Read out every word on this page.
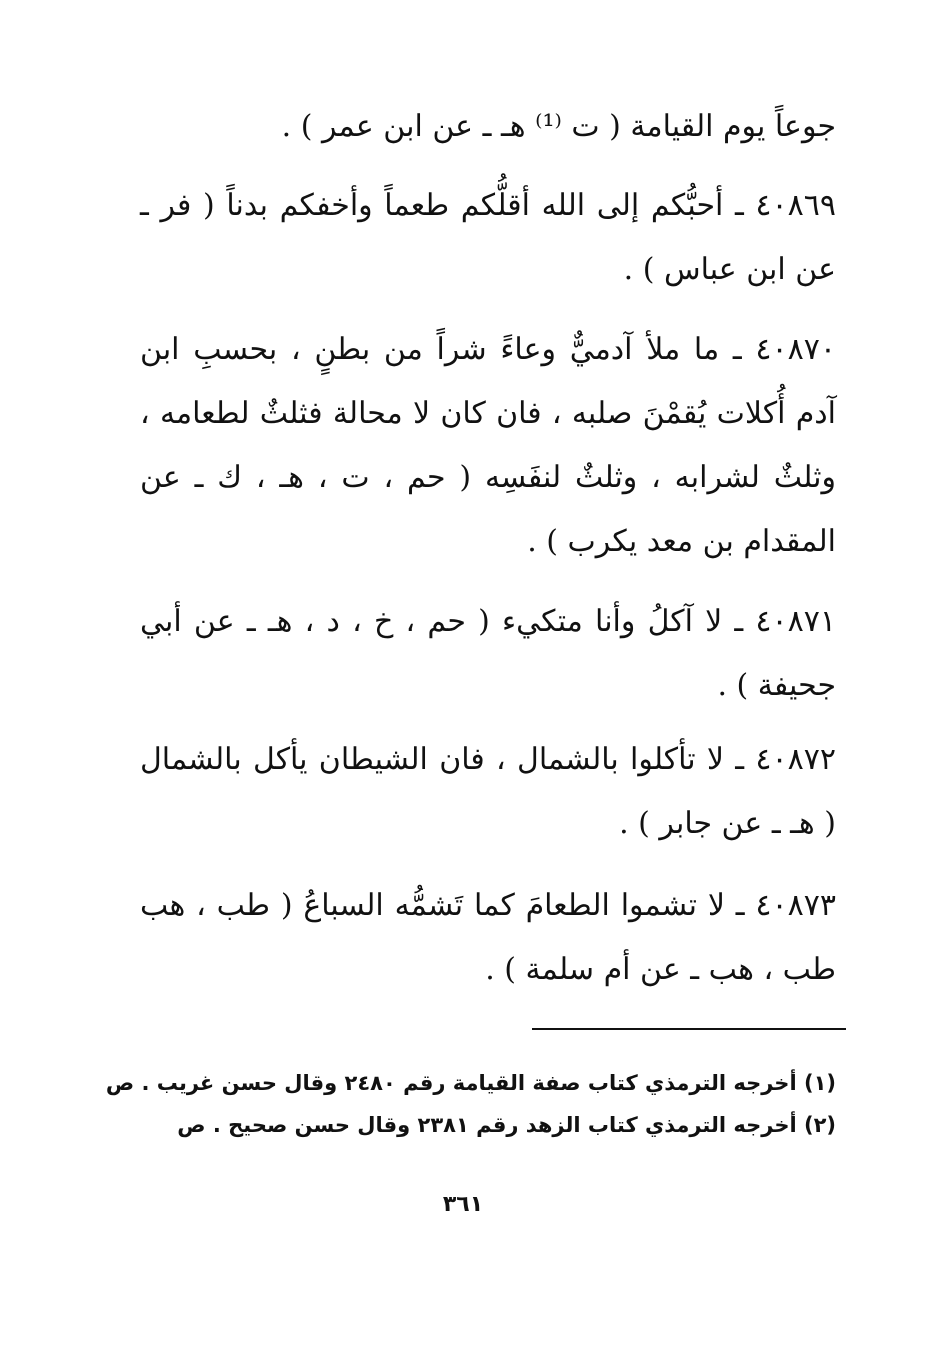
جوعاً يوم القيامة ( ت ⁽¹⁾ هـ ـ عن ابن عمر ) .

٤٠٨٦٩ ـ أحبُّكم إلى الله أقلُّكم طعماً وأخفكم بدناً ( فر ـ عن ابن عباس ) .

٤٠٨٧٠ ـ ما ملأ آدميٌّ وعاءً شراً من بطنٍ ، بحسبِ ابن آدم أُكلات يُقمْنَ صلبه ، فان كان لا محالة فثلثٌ لطعامه ، وثلثٌ لشرابه ، وثلثٌ لنفَسِه ( حم ، ت ، هـ ، ك ـ عن المقدام بن معد يكرب ) .

٤٠٨٧١ ـ لا آكلُ وأنا متكيء ( حم ، خ ، د ، هـ ـ عن أبي جحيفة ) .

٤٠٨٧٢ ـ لا تأكلوا بالشمال ، فان الشيطان يأكل بالشمال ( هـ ـ عن جابر ) .

٤٠٨٧٣ ـ لا تشموا الطعامَ كما تَشمُّه السباعُ ( طب ، هب طب ، هب ـ عن أم سلمة ) .

(١) أخرجه الترمذي كتاب صفة القيامة رقم ٢٤٨٠ وقال حسن غريب . ص

(٢) أخرجه الترمذي كتاب الزهد رقم ٢٣٨١ وقال حسن صحيح . ص

٣٦١
